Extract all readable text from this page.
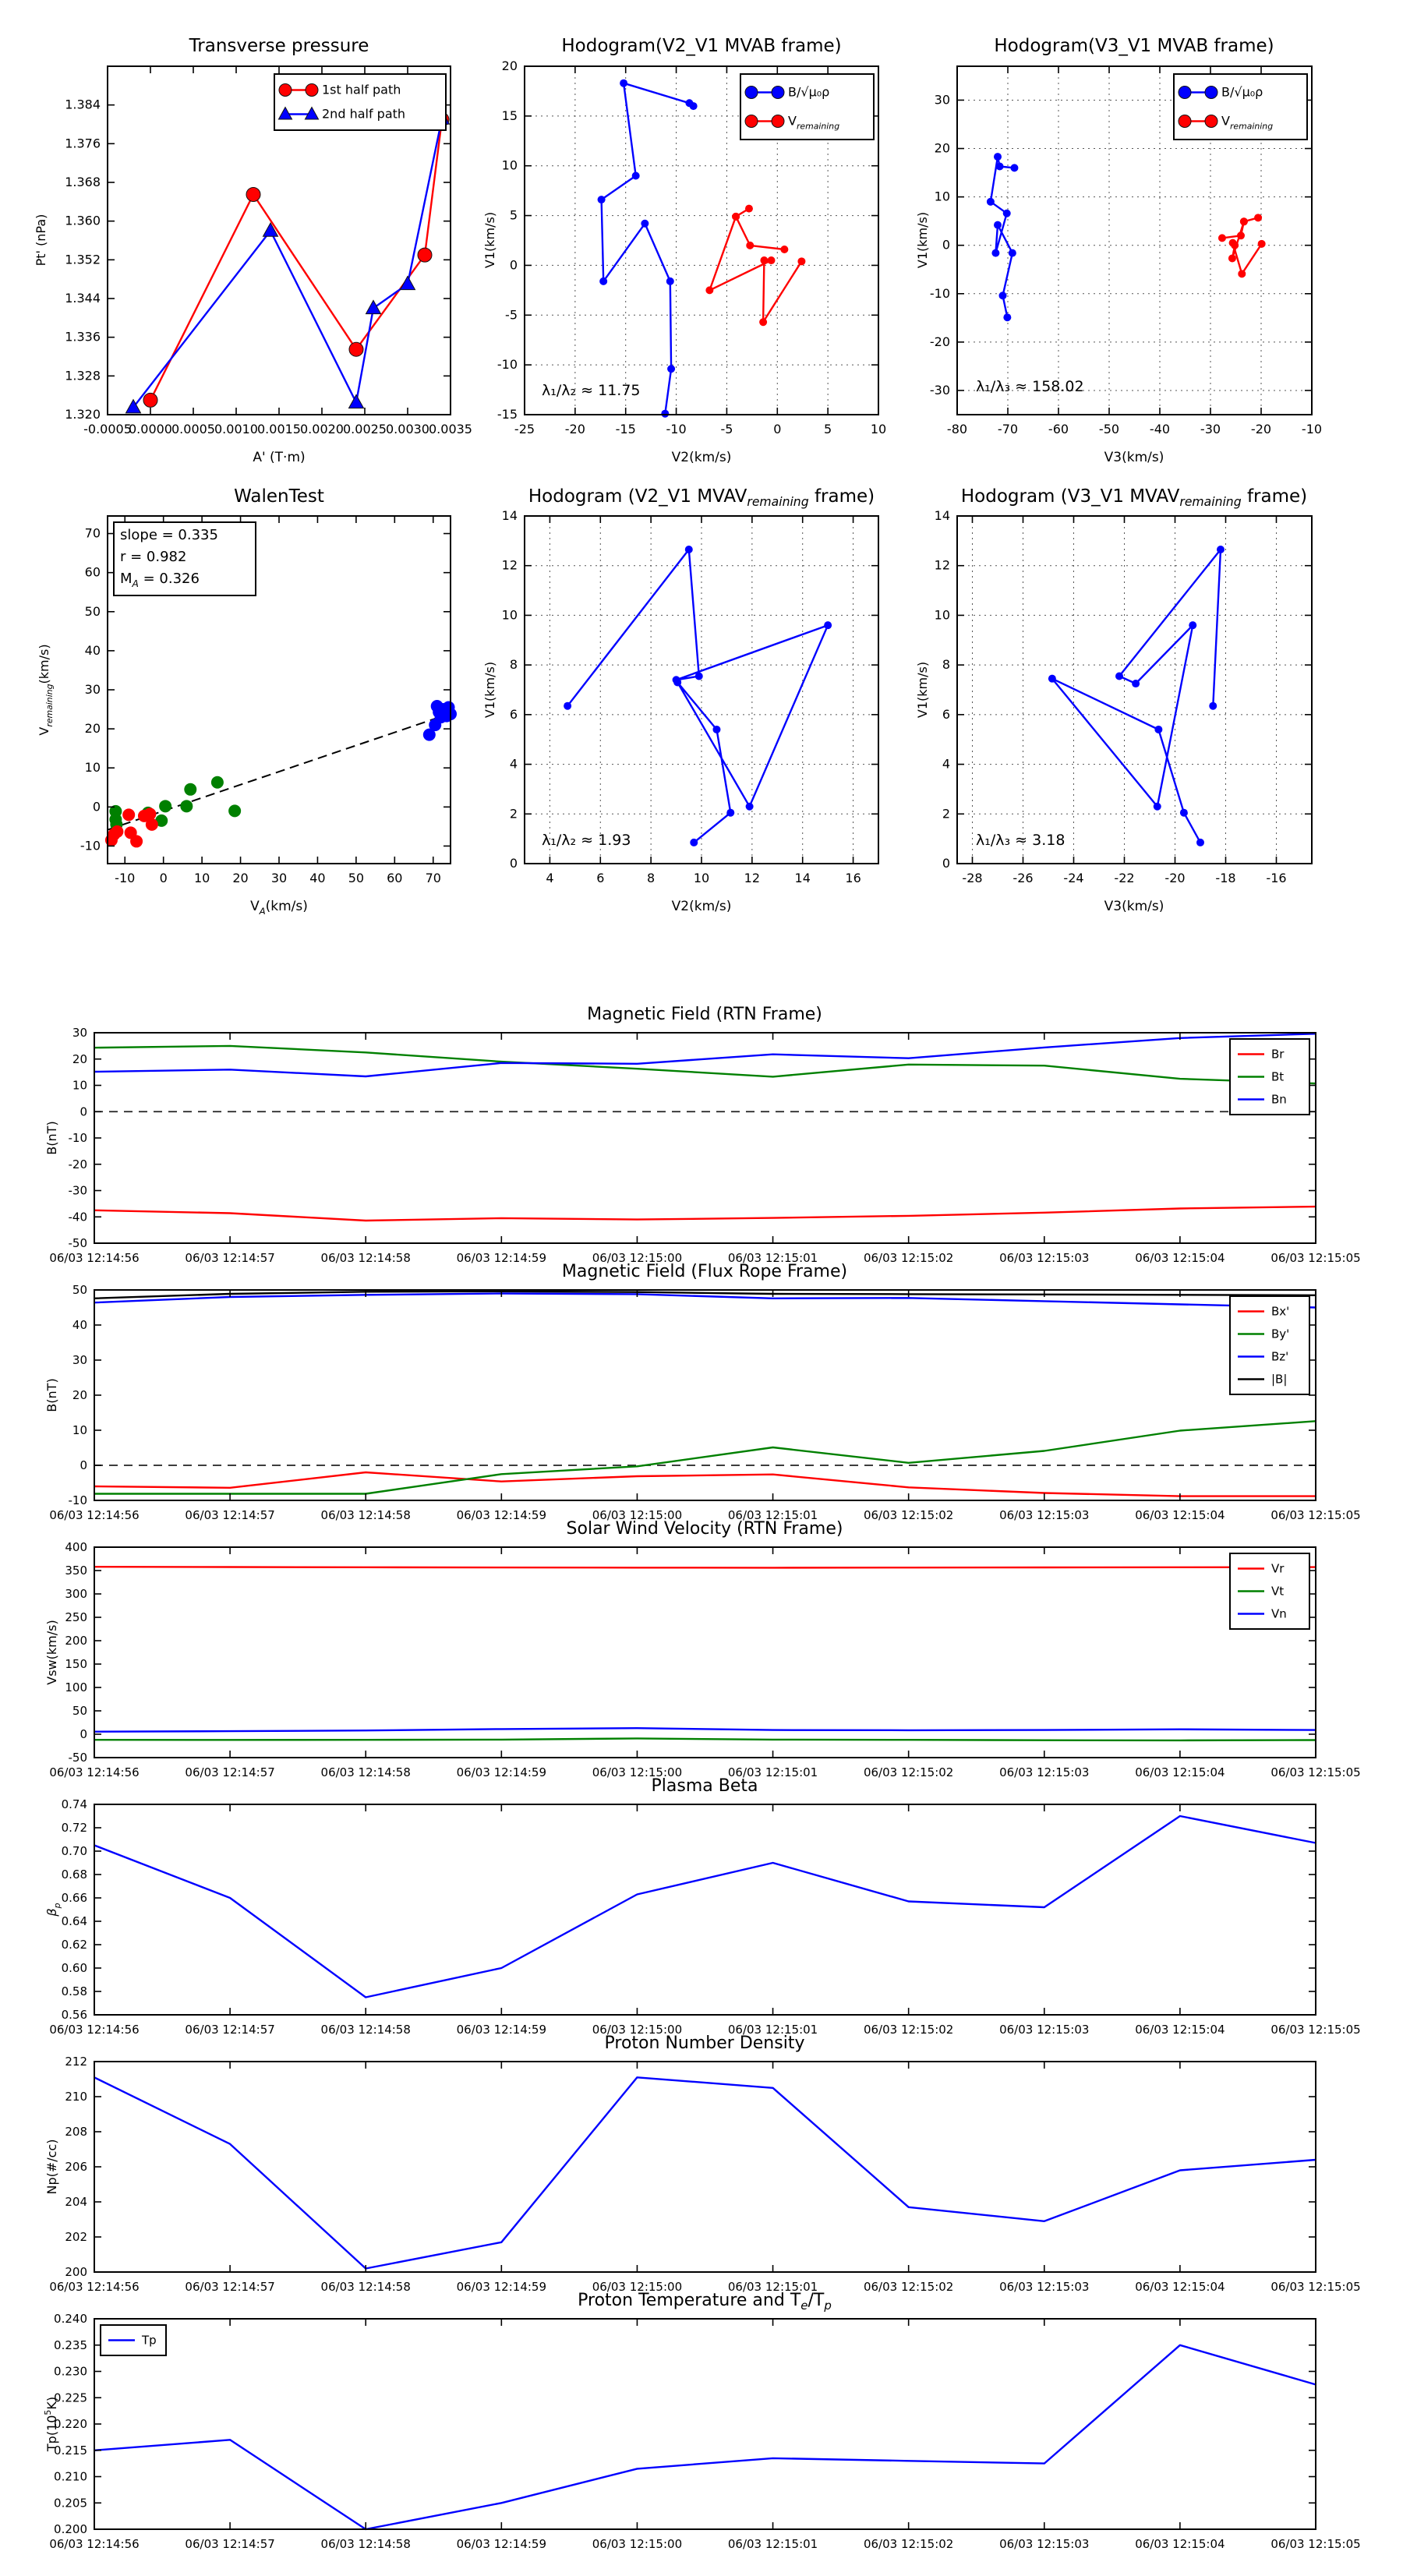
-0.0005
0.0000 0.0005 0.0010 0.0015 0.0020 0.0025 0.0030 0.0035
1.320
1.328
1.336
1.344
1.352
1.360
1.368
1.376
1.384
Transverse pressure
A' (T·m)
Pt' (nPa)
1st half path
2nd half path
-25 -20 -15 -10	-5	0	5	10
-15
-10
-5
0
5
10
15
20
Hodogram(V2_V1 MVAB frame)
V2(km/s)
V1(km/s)
λ₁/λ₂ ≈ 11.75
B/√μ₀ρ
$V_{remaining}$
-80 -70 -60 -50 -40 -30 -20 -10
-30
-20
-10
0
10
20
30
Hodogram(V3_V1 MVAB frame)
V3(km/s)
V1(km/s)
λ₁/λ₃ ≈ 158.02
B/√μ₀ρ
$V_{remaining}$
-10 0 10 20 30 40 50 60 70
-10
0
10
20
30
40
50
60
70
WalenTest
$V_A(km/s)$
$V_{remaining}(km/s)$
slope = 0.335
r = 0.982
$M_A = 0.326$
4	6	8	10	12	14	16
0
2
4
6
8
10
12
14
Hodogram (V2_V1 $MVAV_{remaining}$ frame)
V2(km/s)
V1(km/s)
λ₁/λ₂ ≈ 1.93
-28 -26 -24 -22 -20 -18 -16
0
2
4
6
8
10
12
14
Hodogram (V3_V1 $MVAV_{remaining}$ frame)
V3(km/s)
V1(km/s)
λ₁/λ₃ ≈ 3.18
06/03 12:14:56	06/03 12:14:57	06/03 12:14:58	06/03 12:14:59	06/03 12:15:00	06/03 12:15:01	06/03 12:15:02	06/03 12:15:03	06/03 12:15:04	06/03 12:15:05
-50
-40
-30
-20
-10
0
10
20
30
Magnetic Field (RTN Frame)
B(nT)
Br
Bt
Bn
06/03 12:14:56	06/03 12:14:57	06/03 12:14:58	06/03 12:14:59	06/03 12:15:00	06/03 12:15:01	06/03 12:15:02	06/03 12:15:03	06/03 12:15:04	06/03 12:15:05
-10
0
10
20
30
40
50
Magnetic Field (Flux Rope Frame)
B(nT)
Bx'
By'
Bz'
|B|
06/03 12:14:56	06/03 12:14:57	06/03 12:14:58	06/03 12:14:59	06/03 12:15:00	06/03 12:15:01	06/03 12:15:02	06/03 12:15:03	06/03 12:15:04	06/03 12:15:05
-50
0
50
100
150
200
250
300
350
400
Solar Wind Velocity (RTN Frame)
Vsw(km/s)
Vr
Vt
Vn
06/03 12:14:56	06/03 12:14:57	06/03 12:14:58	06/03 12:14:59	06/03 12:15:00	06/03 12:15:01	06/03 12:15:02	06/03 12:15:03	06/03 12:15:04	06/03 12:15:05
0.56
0.58
0.60
0.62
0.64
0.66
0.68
0.70
0.72
0.74
Plasma Beta
$\beta_p$
06/03 12:14:56	06/03 12:14:57	06/03 12:14:58	06/03 12:14:59	06/03 12:15:00	06/03 12:15:01	06/03 12:15:02	06/03 12:15:03	06/03 12:15:04	06/03 12:15:05
200
202
204
206
208
210
212
Proton Number Density
Np(#/cc)
06/03 12:14:56	06/03 12:14:57	06/03 12:14:58	06/03 12:14:59	06/03 12:15:00	06/03 12:15:01	06/03 12:15:02	06/03 12:15:03	06/03 12:15:04	06/03 12:15:05
0.200
0.205
0.210
0.215
0.220
0.225
0.230
0.235
0.240
Proton Temperature and $T_e/T_p$
$Tp(10^5K)$
Tp
